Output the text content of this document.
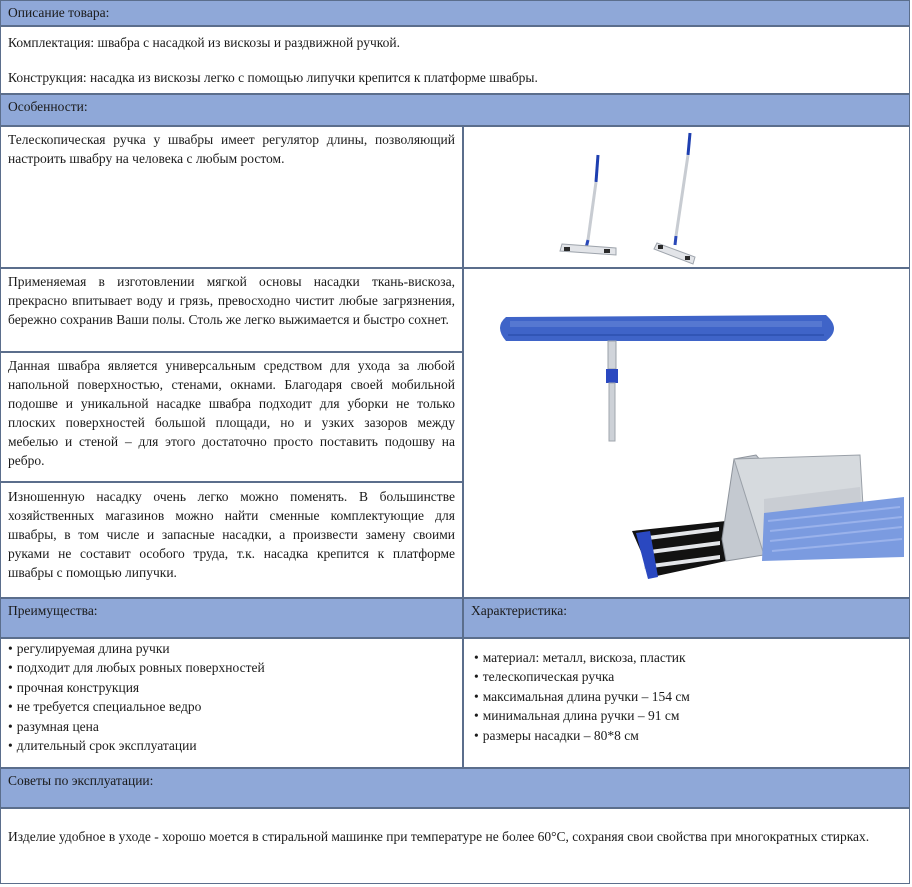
Описание товара:

Комплектация: швабра с насадкой из вискозы и раздвижной ручкой.

Конструкция: насадка из вискозы легко с помощью липучки крепится к платформе швабры.

Особенности:

Телескопическая ручка у швабры имеет регулятор длины, позволяющий настроить швабру на человека с любым ростом.

Применяемая в изготовлении мягкой основы насадки ткань-вискоза, прекрасно впитывает воду и грязь, превосходно чистит любые загрязнения, бережно сохранив Ваши полы. Столь же легко выжимается и быстро сохнет.

Данная швабра является универсальным средством для ухода за любой напольной поверхностью, стенами, окнами. Благодаря своей мобильной подошве и уникальной насадке швабра подходит для уборки не только плоских поверхностей большой площади, но и узких зазоров между мебелью и стеной – для этого достаточно просто поставить подошву на ребро.

Изношенную насадку очень легко можно поменять. В большинстве хозяйственных магазинов можно найти сменные комплектующие для швабры, в том числе и запасные насадки, а произвести замену своими руками не составит особого труда, т.к. насадка крепится к платформе швабры с помощью липучки.

Преимущества:	Характеристика:
• регулируемая длина ручки
• подходит для любых ровных поверхностей
• прочная конструкция
• не требуется специальное ведро
• разумная цена
• длительный срок эксплуатации
• материал: металл, вискоза, пластик
• телескопическая ручка
• максимальная длина ручки – 154 см
• минимальная длина ручки – 91 см
• размеры насадки – 80*8 см
Советы по эксплуатации:

Изделие удобное в уходе - хорошо моется в стиральной машинке при температуре не более 60°С, сохраняя свои свойства при многократных стирках.
